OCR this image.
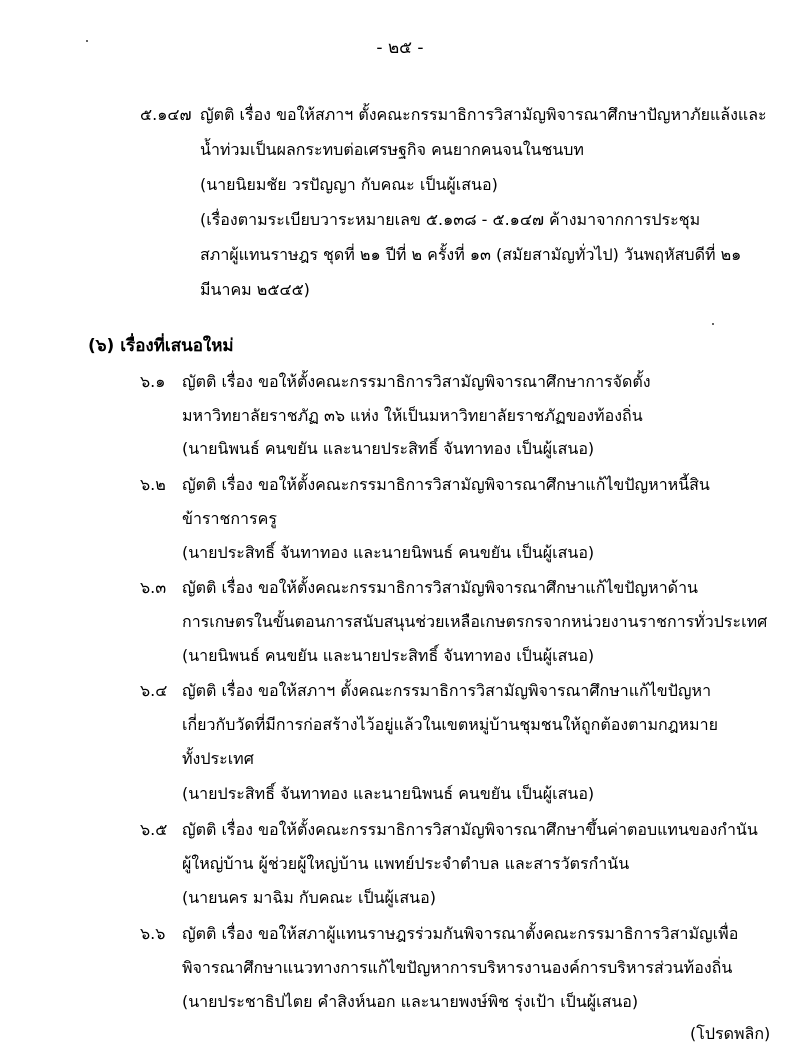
- ๒๕ -
๕.๑๔๗ ญัตติ เรื่อง ขอให้สภาฯ ตั้งคณะกรรมาธิการวิสามัญพิจารณาศึกษาปัญหาภัยแล้งและ
น้ำท่วมเป็นผลกระทบต่อเศรษฐกิจ คนยากคนจนในชนบท
(นายนิยมชัย วรปัญญา กับคณะ เป็นผู้เสนอ)
(เรื่องตามระเบียบวาระหมายเลข ๕.๑๓๘ - ๕.๑๔๗ ค้างมาจากการประชุม
สภาผู้แทนราษฎร ชุดที่ ๒๑ ปีที่ ๒ ครั้งที่ ๑๓ (สมัยสามัญทั่วไป) วันพฤหัสบดีที่ ๒๑
มีนาคม ๒๕๔๕)
(๖) เรื่องที่เสนอใหม่
๖.๑ ญัตติ เรื่อง ขอให้ตั้งคณะกรรมาธิการวิสามัญพิจารณาศึกษาการจัดตั้ง
มหาวิทยาลัยราชภัฏ ๓๖ แห่ง ให้เป็นมหาวิทยาลัยราชภัฏของท้องถิ่น
(นายนิพนธ์ คนขยัน และนายประสิทธิ์ จันทาทอง เป็นผู้เสนอ)
๖.๒ ญัตติ เรื่อง ขอให้ตั้งคณะกรรมาธิการวิสามัญพิจารณาศึกษาแก้ไขปัญหาหนี้สิน
ข้าราชการครู
(นายประสิทธิ์ จันทาทอง และนายนิพนธ์ คนขยัน เป็นผู้เสนอ)
๖.๓ ญัตติ เรื่อง ขอให้ตั้งคณะกรรมาธิการวิสามัญพิจารณาศึกษาแก้ไขปัญหาด้าน
การเกษตรในขั้นตอนการสนับสนุนช่วยเหลือเกษตรกรจากหน่วยงานราชการทั่วประเทศ
(นายนิพนธ์ คนขยัน และนายประสิทธิ์ จันทาทอง เป็นผู้เสนอ)
๖.๔ ญัตติ เรื่อง ขอให้สภาฯ ตั้งคณะกรรมาธิการวิสามัญพิจารณาศึกษาแก้ไขปัญหา
เกี่ยวกับวัดที่มีการก่อสร้างไว้อยู่แล้วในเขตหมู่บ้านชุมชนให้ถูกต้องตามกฎหมาย
ทั้งประเทศ
(นายประสิทธิ์ จันทาทอง และนายนิพนธ์ คนขยัน เป็นผู้เสนอ)
๖.๕ ญัตติ เรื่อง ขอให้ตั้งคณะกรรมาธิการวิสามัญพิจารณาศึกษาขึ้นค่าตอบแทนของกำนัน
ผู้ใหญ่บ้าน ผู้ช่วยผู้ใหญ่บ้าน แพทย์ประจำตำบล และสารวัตรกำนัน
(นายนคร มาฉิม กับคณะ เป็นผู้เสนอ)
๖.๖ ญัตติ เรื่อง ขอให้สภาผู้แทนราษฎรร่วมกันพิจารณาตั้งคณะกรรมาธิการวิสามัญเพื่อ
พิจารณาศึกษาแนวทางการแก้ไขปัญหาการบริหารงานองค์การบริหารส่วนท้องถิ่น
(นายประชาธิปไตย คำสิงห์นอก และนายพงษ์พิช รุ่งเป้า เป็นผู้เสนอ)
(โปรดพลิก)
